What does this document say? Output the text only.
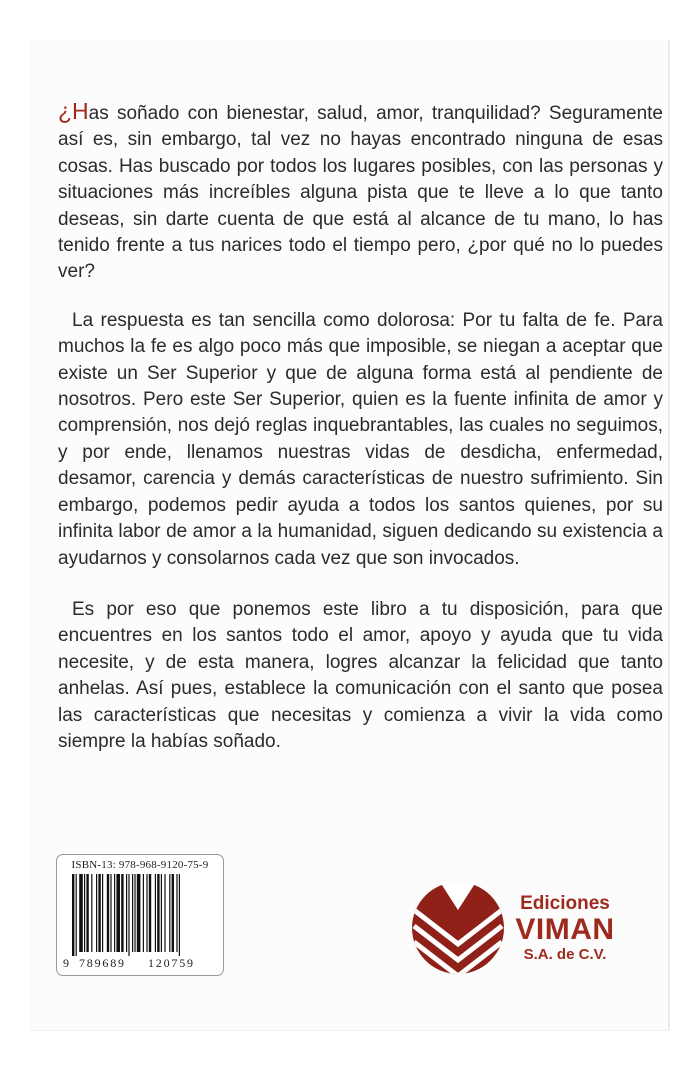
¿Has soñado con bienestar, salud, amor, tranquilidad? Seguramente así es, sin embargo, tal vez no hayas encontrado ninguna de esas cosas. Has buscado por todos los lugares posibles, con las personas y situaciones más increíbles alguna pista que te lleve a lo que tanto deseas, sin darte cuenta de que está al alcance de tu mano, lo has tenido frente a tus narices todo el tiempo pero, ¿por qué no lo puedes ver?

La respuesta es tan sencilla como dolorosa: Por tu falta de fe. Para muchos la fe es algo poco más que imposible, se niegan a aceptar que existe un Ser Superior y que de alguna forma está al pendiente de nosotros. Pero este Ser Superior, quien es la fuente infinita de amor y comprensión, nos dejó reglas inquebrantables, las cuales no seguimos, y por ende, llenamos nuestras vidas de desdicha, enfermedad, desamor, carencia y demás características de nuestro sufrimiento. Sin embargo, podemos pedir ayuda a todos los santos quienes, por su infinita labor de amor a la humanidad, siguen dedicando su existencia a ayudarnos y consolarnos cada vez que son invocados.

Es por eso que ponemos este libro a tu disposición, para que encuentres en los santos todo el amor, apoyo y ayuda que tu vida necesite, y de esta manera, logres alcanzar la felicidad que tanto anhelas. Así pues, establece la comunicación con el santo que posea las características que necesitas y comienza a vivir la vida como siempre la habías soñado.

ISBN-13: 978-968-9120-75-9
9 789689 120759
Ediciones
VIMAN
S.A. de C.V.
